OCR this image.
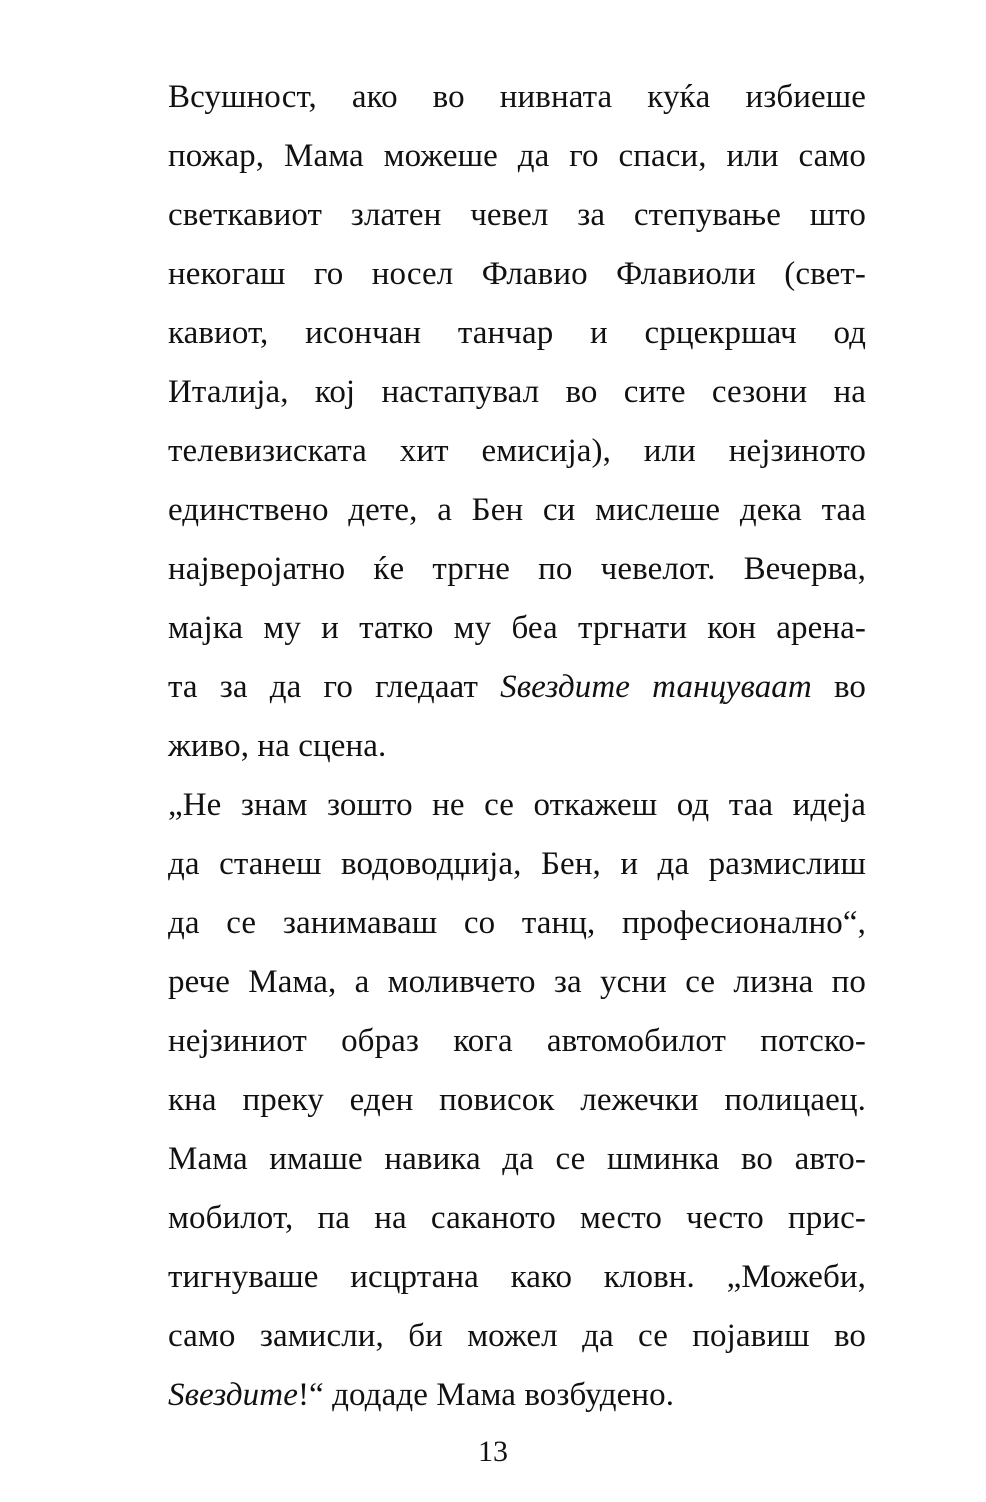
Всушност, ако во нивната куќа избиеше
пожар, Мама можеше да го спаси, или само
светкавиот златен чевел за степување што
некогаш го носел Флавио Флавиоли (свет-
кавиот, исончан танчар и срцекршач од
Италија, кој настапувал во сите сезони на
телевизиската хит емисија), или нејзиното
единствено дете, а Бен си мислеше дека таа
најверојатно ќе тргне по чевелот. Вечерва,
мајка му и татко му беа тргнати кон арена-
та за да го гледаат Ѕвездите танцуваат во
живо, на сцена.

„Не знам зошто не се откажеш од таа идеја
да станеш водоводџија, Бен, и да размислиш
да се занимаваш со танц, професионално“,
рече Мама, а моливчето за усни се лизна по
нејзиниот образ кога автомобилот потско-
кна преку еден повисок лежечки полицаец.
Мама имаше навика да се шминка во авто-
мобилот, па на саканото место често прис-
тигнуваше исцртана како кловн. „Можеби,
само замисли, би можел да се појавиш во
Ѕвездите!“ додаде Мама возбудено.

13
